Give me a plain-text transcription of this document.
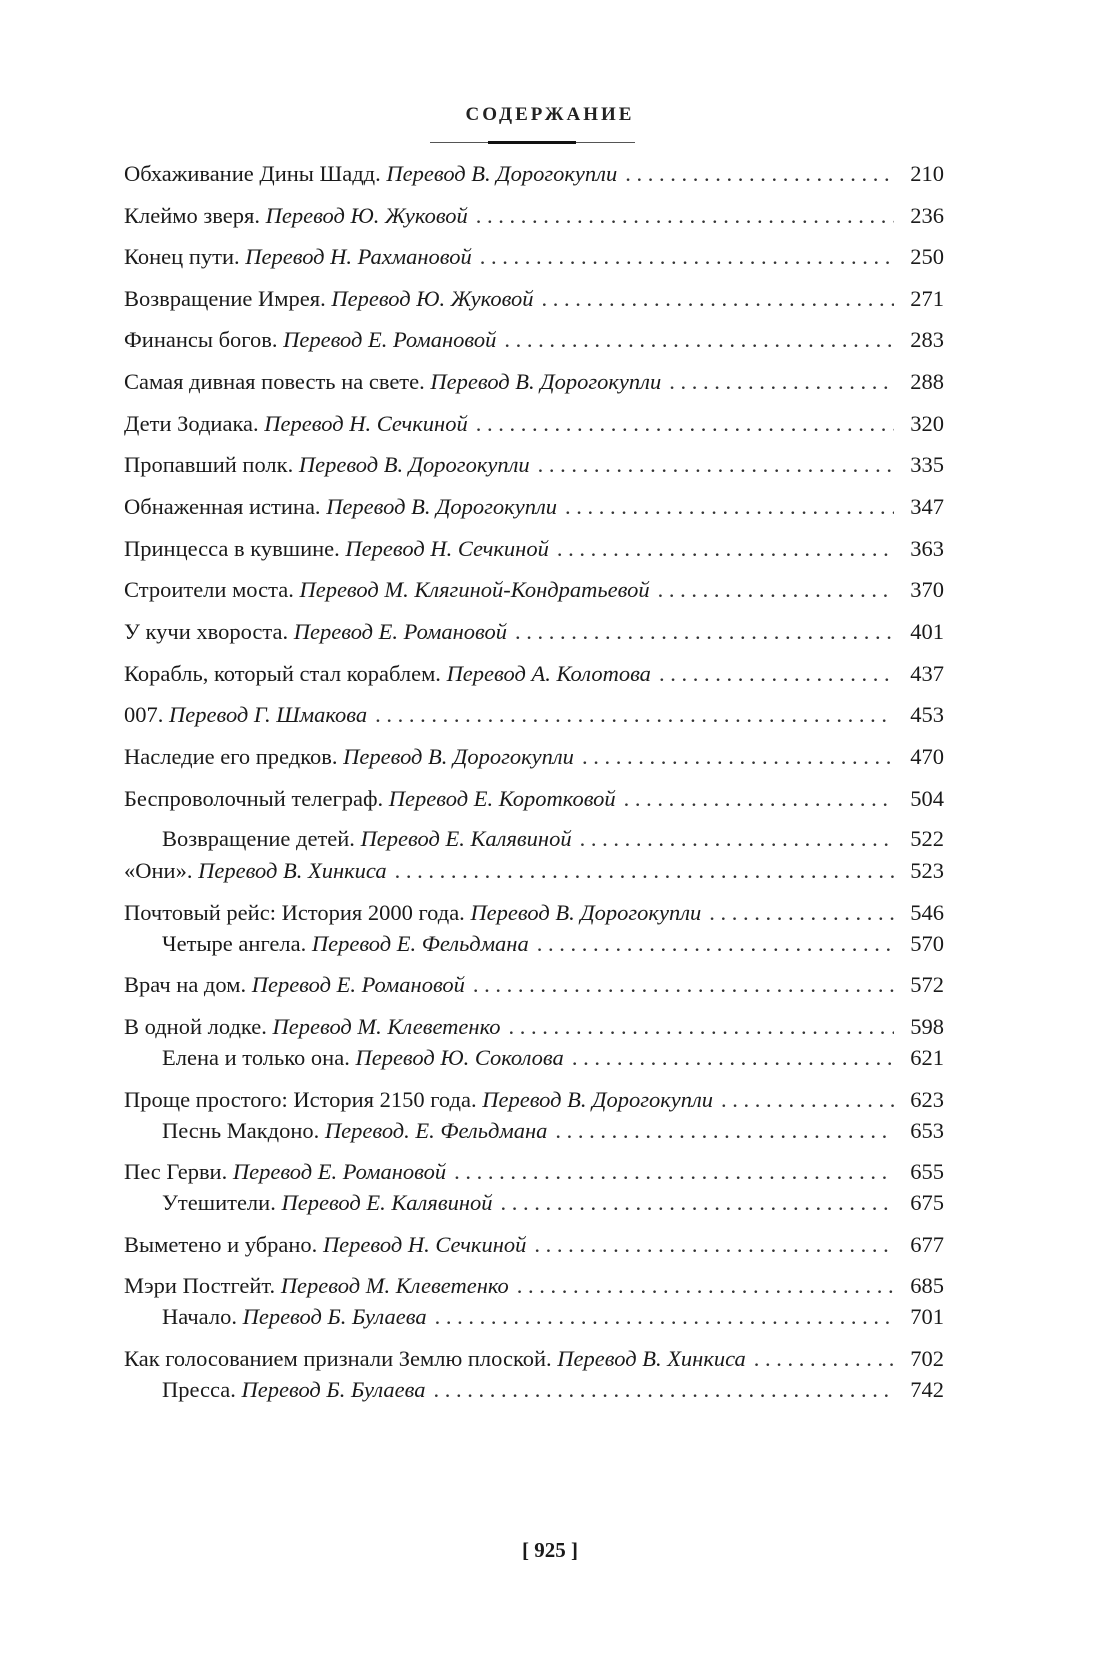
СОДЕРЖАНИЕ
Обхаживание Дины Шадд. Перевод В. Дорогокупли . . .	210
Клеймо зверя. Перевод Ю. Жуковой . . .	236
Конец пути. Перевод Н. Рахмановой . . .	250
Возвращение Имрея. Перевод Ю. Жуковой . . .	271
Финансы богов. Перевод Е. Романовой . . .	283
Самая дивная повесть на свете. Перевод В. Дорогокупли . . .	288
Дети Зодиака. Перевод Н. Сечкиной . . .	320
Пропавший полк. Перевод В. Дорогокупли . . .	335
Обнаженная истина. Перевод В. Дорогокупли . . .	347
Принцесса в кувшине. Перевод Н. Сечкиной . . .	363
Строители моста. Перевод М. Клягиной-Кондратьевой . . .	370
У кучи хвороста. Перевод Е. Романовой . . .	401
Корабль, который стал кораблем. Перевод А. Колотова . . .	437
007. Перевод Г. Шмакова . . .	453
Наследие его предков. Перевод В. Дорогокупли . . .	470
Беспроволочный телеграф. Перевод Е. Коротковой . . .	504
Возвращение детей. Перевод Е. Калявиной . . .	522
«Они». Перевод В. Хинкиса . . .	523
Почтовый рейс: История 2000 года. Перевод В. Дорогокупли . . .	546
Четыре ангела. Перевод Е. Фельдмана . . .	570
Врач на дом. Перевод Е. Романовой . . .	572
В одной лодке. Перевод М. Клеветенко . . .	598
Елена и только она. Перевод Ю. Соколова . . .	621
Проще простого: История 2150 года. Перевод В. Дорогокупли . . .	623
Песнь Макдоно. Перевод. Е. Фельдмана . . .	653
Пес Герви. Перевод Е. Романовой . . .	655
Утешители. Перевод Е. Калявиной . . .	675
Выметено и убрано. Перевод Н. Сечкиной . . .	677
Мэри Постгейт. Перевод М. Клеветенко . . .	685
Начало. Перевод Б. Булаева . . .	701
Как голосованием признали Землю плоской. Перевод В. Хинкиса . . .	702
Пресса. Перевод Б. Булаева . . .	742
[ 925 ]
